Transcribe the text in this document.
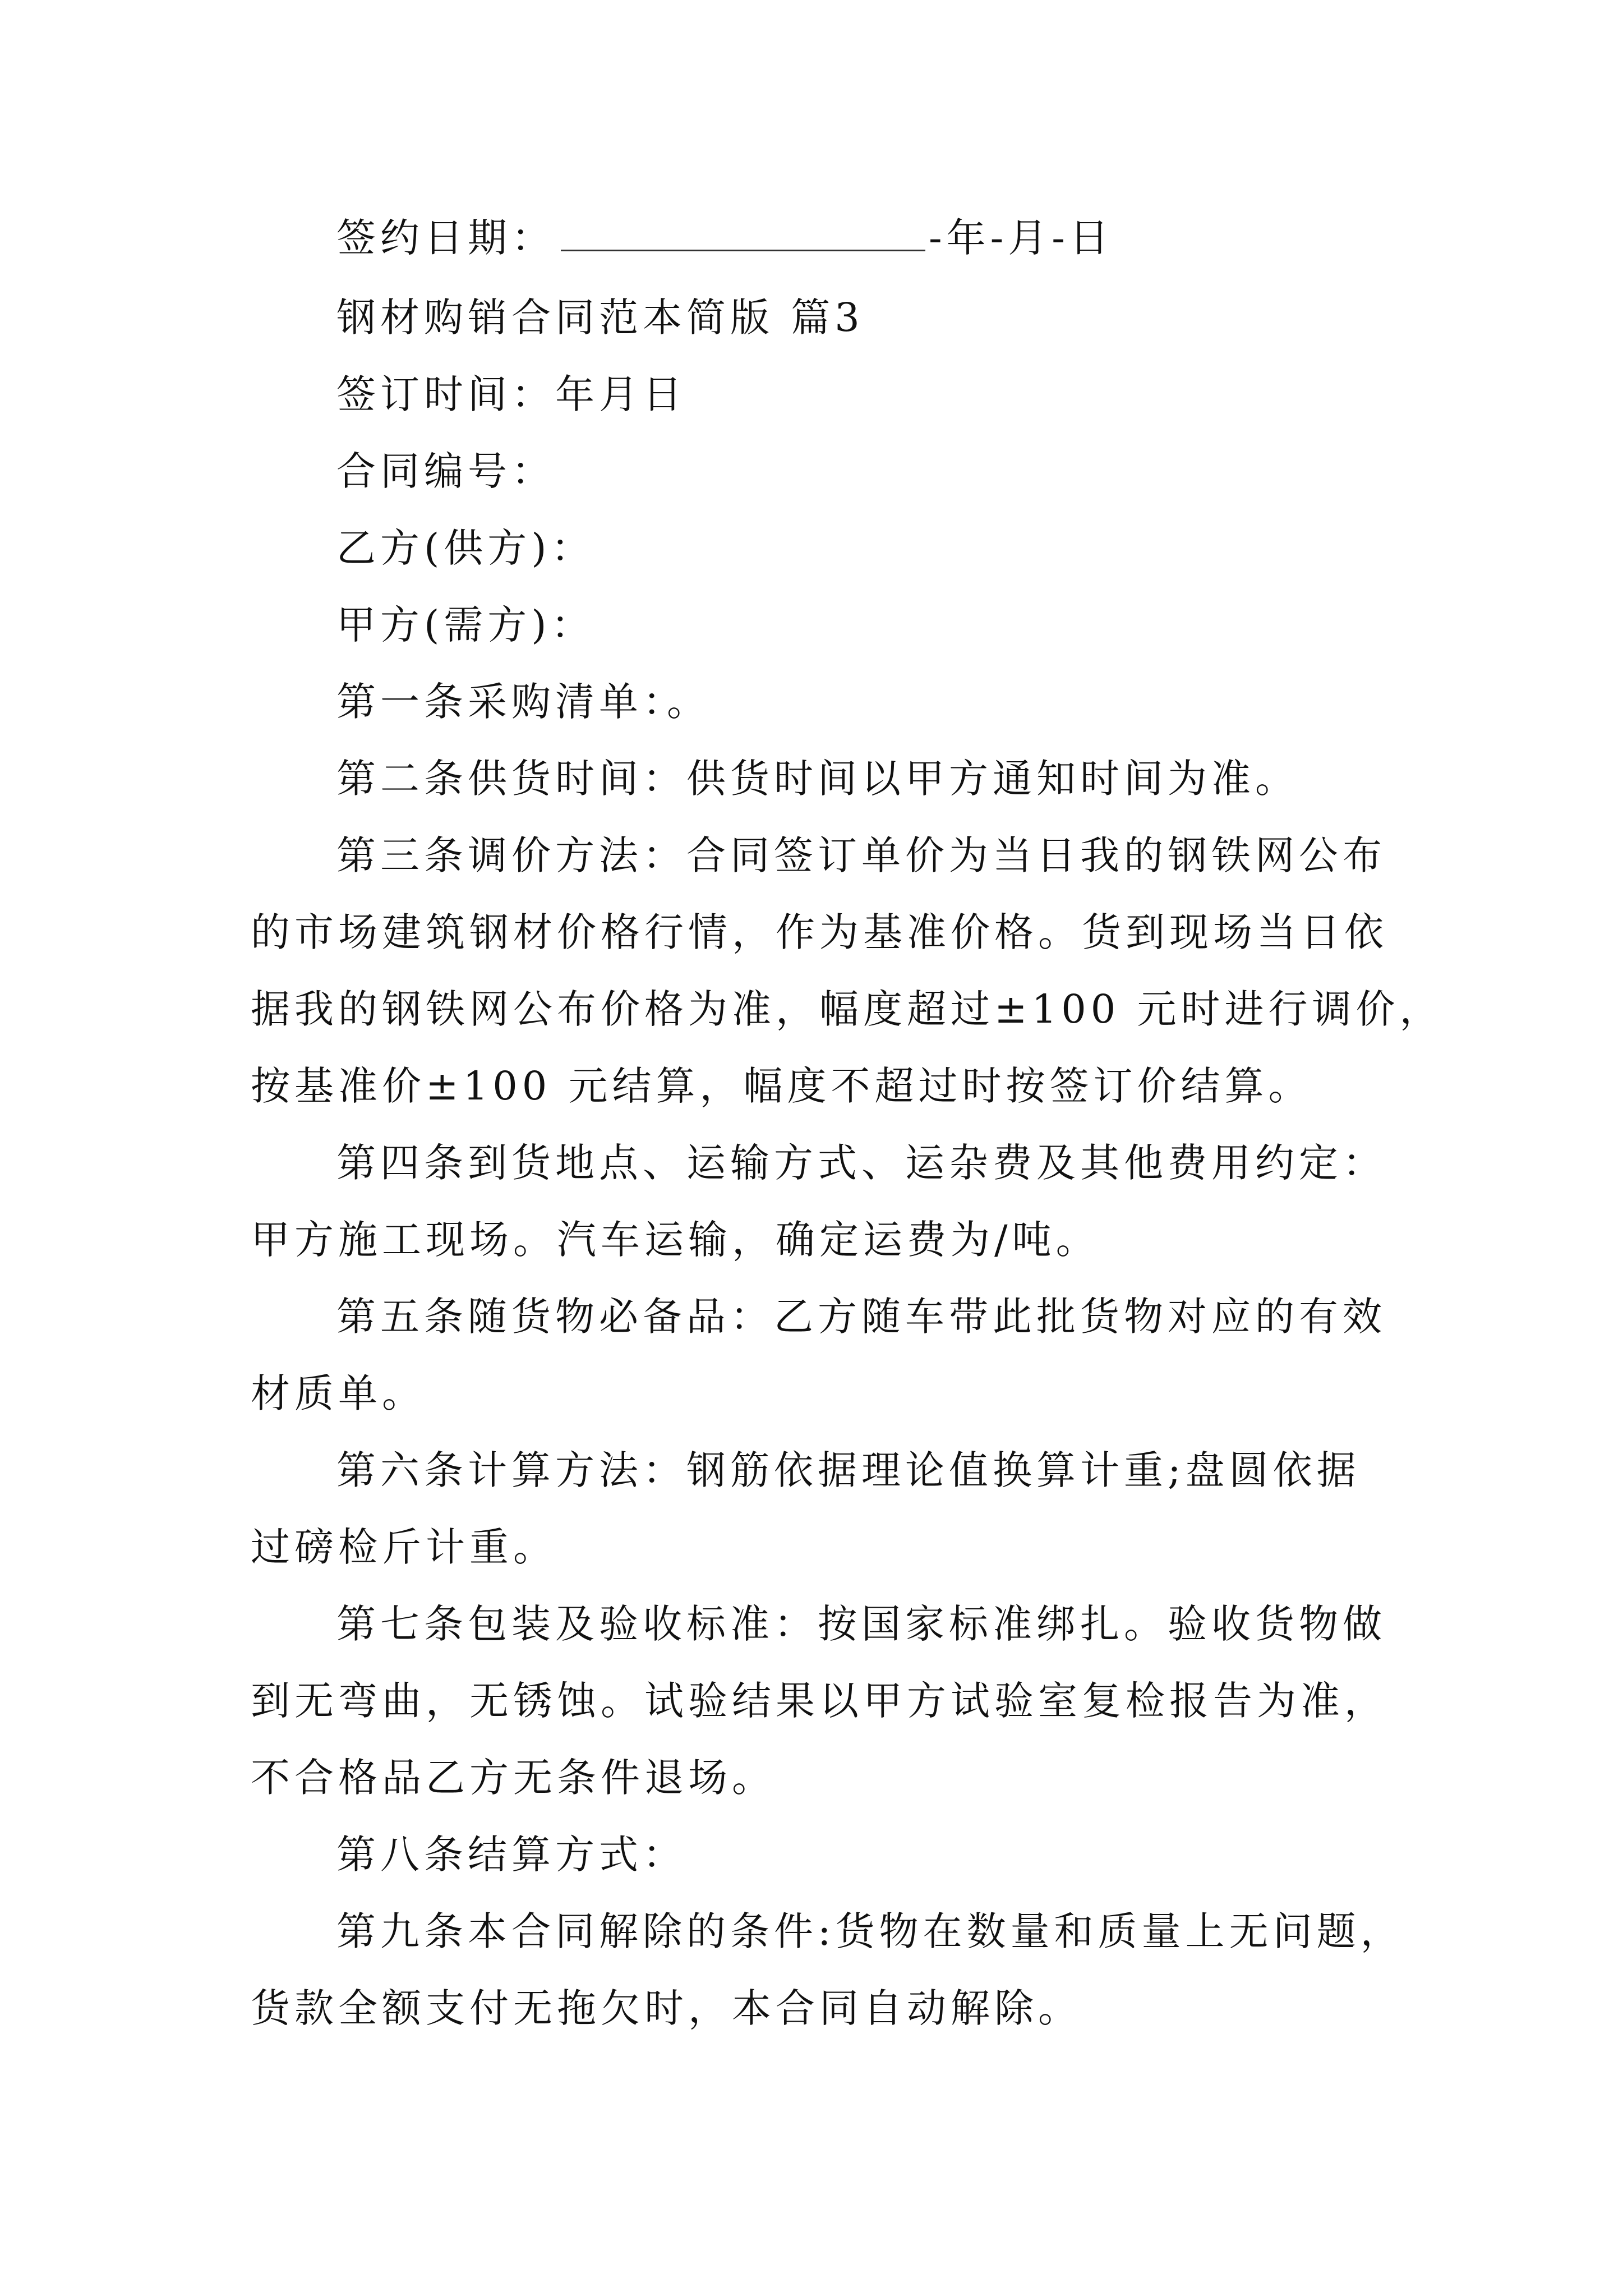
签约日期：	-年-月-日
钢材购销合同范本简版 篇3
签订时间：年月日
合同编号：
乙方(供方)：
甲方(需方)：
第一条采购清单：。
第二条供货时间：供货时间以甲方通知时间为准。
第三条调价方法：合同签订单价为当日我的钢铁网公布
的市场建筑钢材价格行情，作为基准价格。货到现场当日依
据我的钢铁网公布价格为准，幅度超过±100 元时进行调价，
按基准价±100 元结算，幅度不超过时按签订价结算。
第四条到货地点、运输方式、运杂费及其他费用约定：
甲方施工现场。汽车运输，确定运费为/吨。
第五条随货物必备品：乙方随车带此批货物对应的有效
材质单。
第六条计算方法：钢筋依据理论值换算计重;盘圆依据
过磅检斤计重。
第七条包装及验收标准：按国家标准绑扎。验收货物做
到无弯曲，无锈蚀。试验结果以甲方试验室复检报告为准，
不合格品乙方无条件退场。
第八条结算方式：
第九条本合同解除的条件:货物在数量和质量上无问题，
货款全额支付无拖欠时，本合同自动解除。
